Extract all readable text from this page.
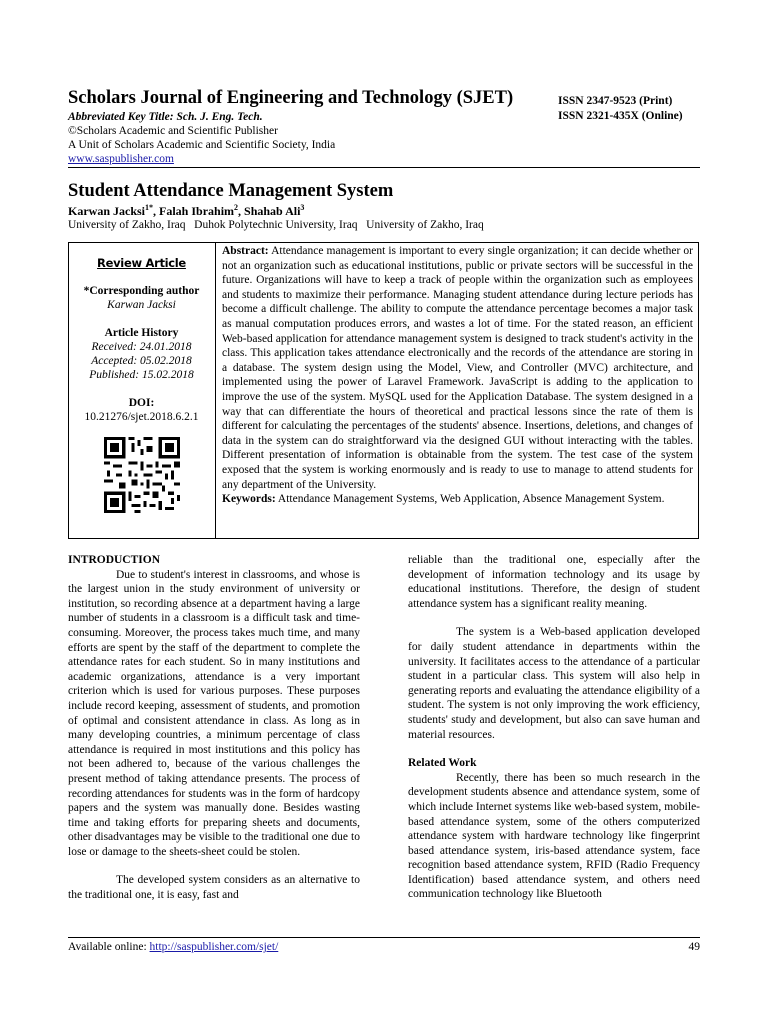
Scholars Journal of Engineering and Technology (SJET)	ISSN 2347-9523 (Print)
ISSN 2321-435X (Online)
Abbreviated Key Title: Sch. J. Eng. Tech.
©Scholars Academic and Scientific Publisher
A Unit of Scholars Academic and Scientific Society, India
www.saspublisher.com
Student Attendance Management System
Karwan Jacksi$^{1*}$, Falah Ibrahim$^2$, Shahab Ali$^3$
University of Zakho, Iraq   Duhok Polytechnic University, Iraq   University of Zakho, Iraq
Review Article
*Corresponding author
Karwan Jacksi
Article History
Received: 24.01.2018
Accepted: 05.02.2018
Published: 15.02.2018
DOI:
10.21276/sjet.2018.6.2.1
Abstract: Attendance management is important to every single organization; it can decide whether or not an organization such as educational institutions, public or private sectors will be successful in the future. Organizations will have to keep a track of people within the organization such as employees and students to maximize their performance. Managing student attendance during lecture periods has become a difficult challenge. The ability to compute the attendance percentage becomes a major task as manual computation produces errors, and wastes a lot of time. For the stated reason, an efficient Web-based application for attendance management system is designed to track student's activity in the class. This application takes attendance electronically and the records of the attendance are storing in a database. The system design using the Model, View, and Controller (MVC) architecture, and implemented using the power of Laravel Framework. JavaScript is adding to the application to improve the use of the system. MySQL used for the Application Database. The system designed in a way that can differentiate the hours of theoretical and practical lessons since the rate of them is different for calculating the percentages of the students' absence. Insertions, deletions, and changes of data in the system can do straightforward via the designed GUI without interacting with the tables. Different presentation of information is obtainable from the system. The test case of the system exposed that the system is working enormously and is ready to use to manage to attend students for any department of the University.
Keywords: Attendance Management Systems, Web Application, Absence Management System.

INTRODUCTION

Due to student's interest in classrooms, and whose is the largest union in the study environment of university or institution, so recording absence at a department having a large number of students in a classroom is a difficult task and time-consuming. Moreover, the process takes much time, and many efforts are spent by the staff of the department to complete the attendance rates for each student. So in many institutions and academic organizations, attendance is a very important criterion which is used for various purposes. These purposes include record keeping, assessment of students, and promotion of optimal and consistent attendance in class. As long as in many developing countries, a minimum percentage of class attendance is required in most institutions and this policy has not been adhered to, because of the various challenges the present method of taking attendance presents. The process of recording attendances for students was in the form of hardcopy papers and the system was manually done. Besides wasting time and taking efforts for preparing sheets and documents, other disadvantages may be visible to the traditional one due to lose or damage to the sheets-sheet could be stolen.

The developed system considers as an alternative to the traditional one, it is easy, fast and

reliable than the traditional one, especially after the development of information technology and its usage by educational institutions. Therefore, the design of student attendance system has a significant reality meaning.

The system is a Web-based application developed for daily student attendance in departments within the university. It facilitates access to the attendance of a particular student in a particular class. This system will also help in generating reports and evaluating the attendance eligibility of a student. The system is not only improving the work efficiency, students' study and development, but also can save human and material resources.

Related Work

Recently, there has been so much research in the development students absence and attendance system, some of which include Internet systems like web-based system, mobile-based attendance system, some of the others computerized attendance system with hardware technology like fingerprint based attendance system, iris-based attendance system, face recognition based attendance system, RFID (Radio Frequency Identification) based attendance system, and others need communication technology like Bluetooth

Available online: http://saspublisher.com/sjet/	49
